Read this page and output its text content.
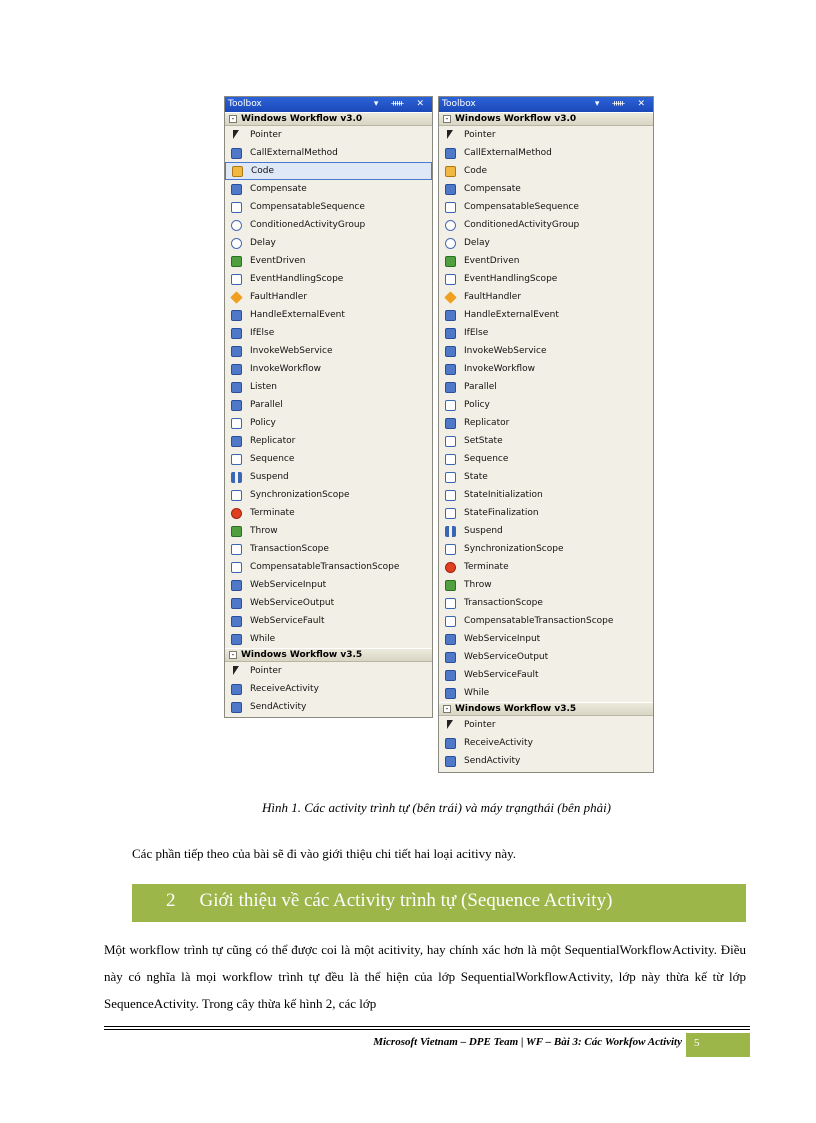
Toolbox	▾ ᚔ ✕
- Windows Workflow v3.0
Pointer
CallExternalMethod
Code
Compensate
CompensatableSequence
ConditionedActivityGroup
Delay
EventDriven
EventHandlingScope
FaultHandler
HandleExternalEvent
IfElse
InvokeWebService
InvokeWorkflow
Listen
Parallel
Policy
Replicator
Sequence
Suspend
SynchronizationScope
Terminate
Throw
TransactionScope
CompensatableTransactionScope
WebServiceInput
WebServiceOutput
WebServiceFault
While
- Windows Workflow v3.5
Pointer
ReceiveActivity
SendActivity
Toolbox	▾ ᚔ ✕
- Windows Workflow v3.0
Pointer
CallExternalMethod
Code
Compensate
CompensatableSequence
ConditionedActivityGroup
Delay
EventDriven
EventHandlingScope
FaultHandler
HandleExternalEvent
IfElse
InvokeWebService
InvokeWorkflow
Parallel
Policy
Replicator
SetState
Sequence
State
StateInitialization
StateFinalization
Suspend
SynchronizationScope
Terminate
Throw
TransactionScope
CompensatableTransactionScope
WebServiceInput
WebServiceOutput
WebServiceFault
While
- Windows Workflow v3.5
Pointer
ReceiveActivity
SendActivity
Hình 1. Các activity trình tự (bên trái) và máy trạngthái (bên phải)
Các phần tiếp theo của bài sẽ đi vào giới thiệu chi tiết hai loại acitivy này.
2 Giới thiệu về các Activity trình tự (Sequence Activity)
Một workflow trình tự cũng có thể được coi là một acitivity, hay chính xác hơn là một SequentialWorkflowActivity. Điều này có nghĩa là mọi workflow trình tự đều là thể hiện của lớp SequentialWorkflowActivity, lớp này thừa kế từ lớp SequenceActivity. Trong cây thừa kế hình 2, các lớp
Microsoft Vietnam – DPE Team | WF – Bài 3: Các Workfow Activity	5
